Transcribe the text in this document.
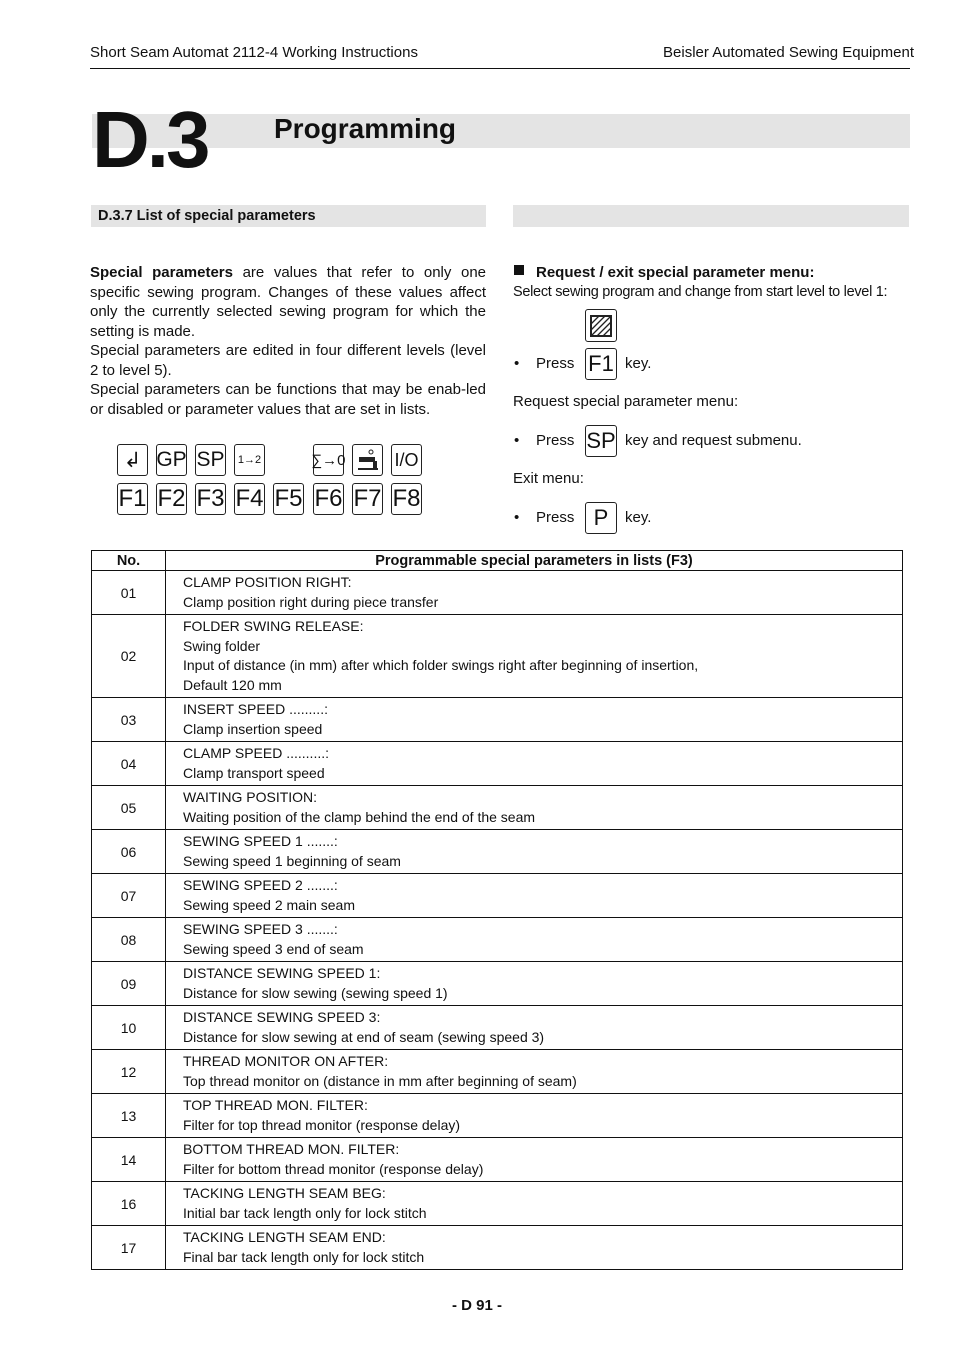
Short Seam Automat 2112-4 Working Instructions	Beisler Automated Sewing Equipment
D.3 Programming
D.3.7 List of special parameters

Special parameters are values that refer to only one specific sewing program. Changes of these values affect only the currently selected sewing program for which the setting is made.

Special parameters are edited in four different levels (level 2 to level 5).

Special parameters can be functions that may be enab-led or disabled or parameter values that are set in lists.

↲ GP SP 1→2	∑→0	I/O
F1 F2 F3 F4 F5 F6 F7 F8
Request / exit special parameter menu:
Select sewing program and change from start level to level 1:
• Press F1 key.
Request special parameter menu:
• Press SP key and request submenu.
Exit menu:
• Press P key.
No.	Programmable special parameters in lists (F3)
01	CLAMP POSITION RIGHT:
Clamp position right during piece transfer

02	FOLDER SWING RELEASE:
Swing folder
Input of distance (in mm) after which folder swings right after beginning of insertion,
Default 120 mm

03	INSERT SPEED .........:
Clamp insertion speed

04	CLAMP SPEED ..........:
Clamp transport speed

05	WAITING POSITION:
Waiting position of the clamp behind the end of the seam

06	SEWING SPEED 1 .......:
Sewing speed 1 beginning of seam

07	SEWING SPEED 2 .......:
Sewing speed 2 main seam

08	SEWING SPEED 3 .......:
Sewing speed 3 end of seam

09	DISTANCE SEWING SPEED 1:
Distance for slow sewing (sewing speed 1)

10	DISTANCE SEWING SPEED 3:
Distance for slow sewing at end of seam (sewing speed 3)

12	THREAD MONITOR ON AFTER:
Top thread monitor on (distance in mm after beginning of seam)

13	TOP THREAD MON. FILTER:
Filter for top thread monitor (response delay)

14	BOTTOM THREAD MON. FILTER:
Filter for bottom thread monitor (response delay)

16	TACKING LENGTH SEAM BEG:
Initial bar tack length only for lock stitch

17	TACKING LENGTH SEAM END:
Final bar tack length only for lock stitch
- D 91 -
